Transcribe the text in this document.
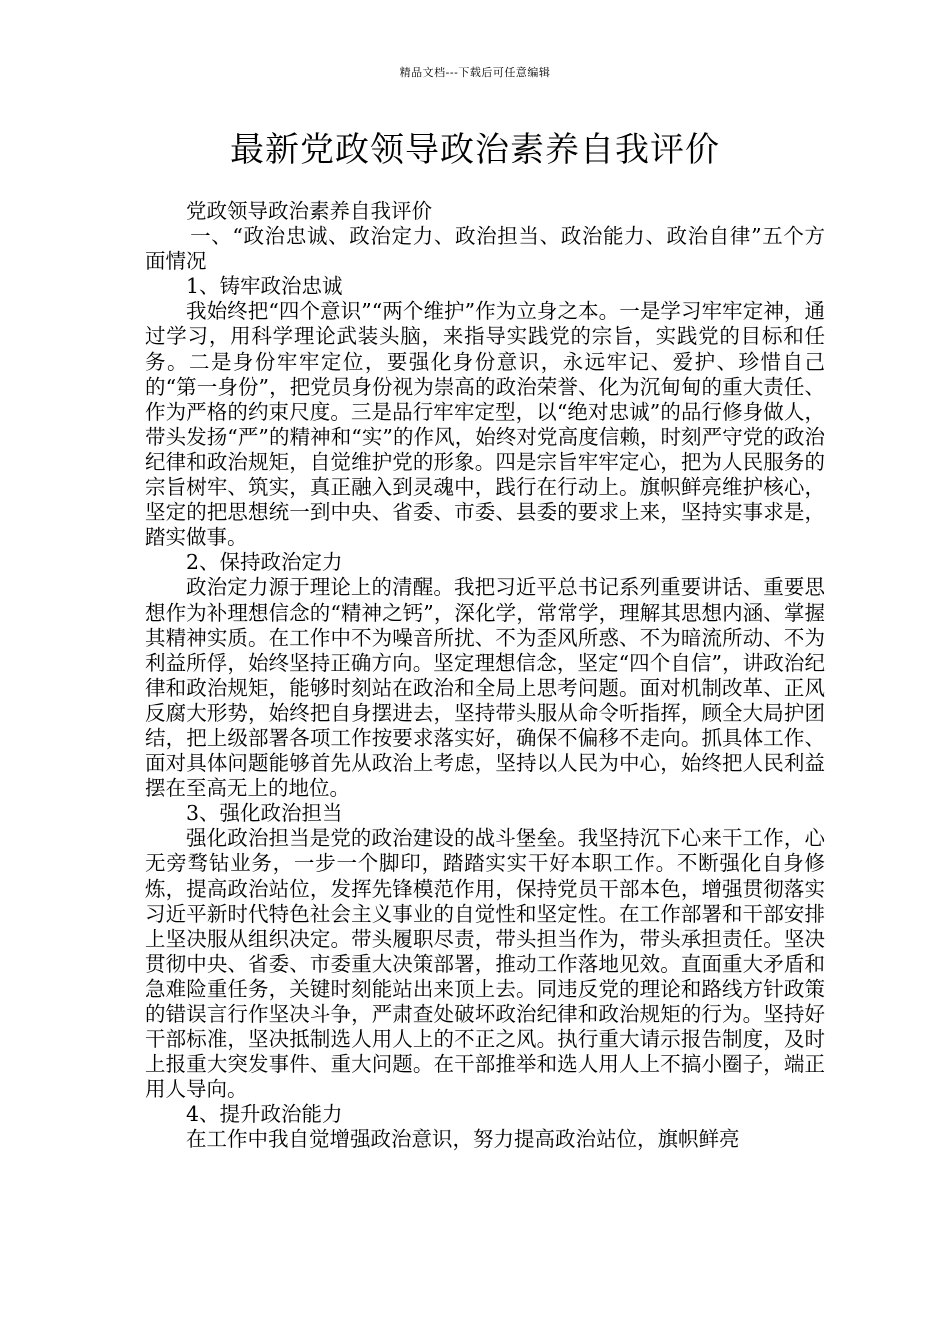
精品文档---下载后可任意编辑
最新党政领导政治素养自我评价

党政领导政治素养自我评价

一、“政治忠诚、政治定力、政治担当、政治能力、政治自律”五个方面情况

1、铸牢政治忠诚

我始终把“四个意识”“两个维护”作为立身之本。一是学习牢牢定神，通过学习，用科学理论武装头脑，来指导实践党的宗旨，实践党的目标和任务。二是身份牢牢定位，要强化身份意识，永远牢记、爱护、珍惜自己的“第一身份”，把党员身份视为崇高的政治荣誉、化为沉甸甸的重大责任、作为严格的约束尺度。三是品行牢牢定型，以“绝对忠诚”的品行修身做人，带头发扬“严”的精神和“实”的作风，始终对党高度信赖，时刻严守党的政治纪律和政治规矩，自觉维护党的形象。四是宗旨牢牢定心，把为人民服务的宗旨树牢、筑实，真正融入到灵魂中，践行在行动上。旗帜鲜亮维护核心，坚定的把思想统一到中央、省委、市委、县委的要求上来，坚持实事求是，踏实做事。

2、保持政治定力

政治定力源于理论上的清醒。我把习近平总书记系列重要讲话、重要思想作为补理想信念的“精神之钙”，深化学，常常学，理解其思想内涵、掌握其精神实质。在工作中不为噪音所扰、不为歪风所惑、不为暗流所动、不为利益所俘，始终坚持正确方向。坚定理想信念，坚定“四个自信”，讲政治纪律和政治规矩，能够时刻站在政治和全局上思考问题。面对机制改革、正风反腐大形势，始终把自身摆进去，坚持带头服从命令听指挥，顾全大局护团结，把上级部署各项工作按要求落实好，确保不偏移不走向。抓具体工作、面对具体问题能够首先从政治上考虑，坚持以人民为中心，始终把人民利益摆在至高无上的地位。

3、强化政治担当

强化政治担当是党的政治建设的战斗堡垒。我坚持沉下心来干工作，心无旁骛钻业务，一步一个脚印，踏踏实实干好本职工作。不断强化自身修炼，提高政治站位，发挥先锋模范作用，保持党员干部本色，增强贯彻落实习近平新时代特色社会主义事业的自觉性和坚定性。在工作部署和干部安排上坚决服从组织决定。带头履职尽责，带头担当作为，带头承担责任。坚决贯彻中央、省委、市委重大决策部署，推动工作落地见效。直面重大矛盾和急难险重任务，关键时刻能站出来顶上去。同违反党的理论和路线方针政策的错误言行作坚决斗争，严肃查处破坏政治纪律和政治规矩的行为。坚持好干部标准，坚决抵制选人用人上的不正之风。执行重大请示报告制度，及时上报重大突发事件、重大问题。在干部推举和选人用人上不搞小圈子，端正用人导向。

4、提升政治能力

在工作中我自觉增强政治意识，努力提高政治站位，旗帜鲜亮
